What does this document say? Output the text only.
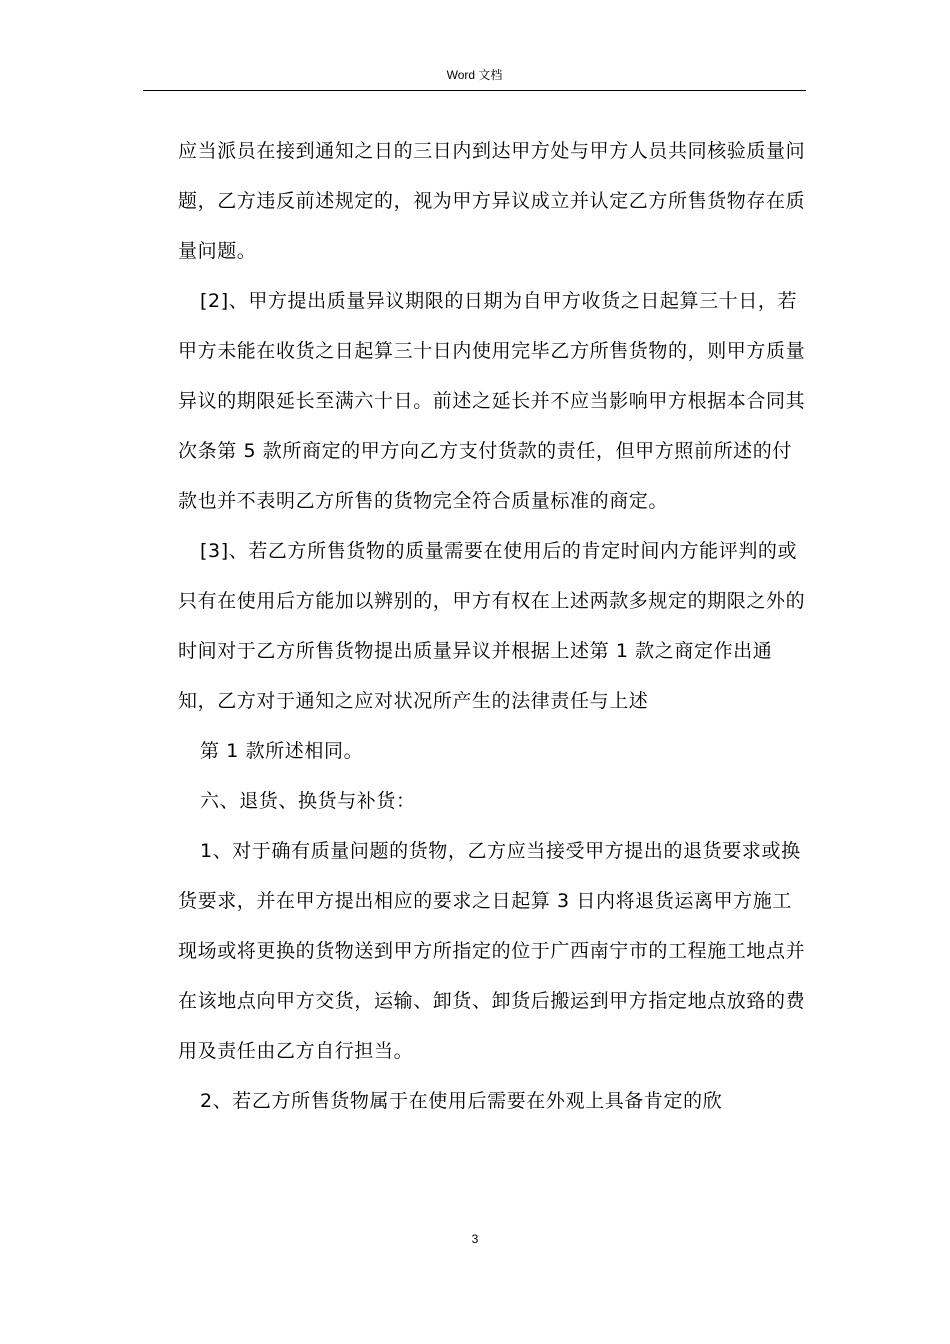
Word 文档

应当派员在接到通知之日的三日内到达甲方处与甲方人员共同核验质量问题，乙方违反前述规定的，视为甲方异议成立并认定乙方所售货物存在质量问题。

[2]、甲方提出质量异议期限的日期为自甲方收货之日起算三十日，若甲方未能在收货之日起算三十日内使用完毕乙方所售货物的，则甲方质量异议的期限延长至满六十日。前述之延长并不应当影响甲方根据本合同其次条第 5 款所商定的甲方向乙方支付货款的责任，但甲方照前所述的付款也并不表明乙方所售的货物完全符合质量标准的商定。

[3]、若乙方所售货物的质量需要在使用后的肯定时间内方能评判的或只有在使用后方能加以辨别的，甲方有权在上述两款多规定的期限之外的时间对于乙方所售货物提出质量异议并根据上述第 1 款之商定作出通知，乙方对于通知之应对状况所产生的法律责任与上述

第 1 款所述相同。

六、退货、换货与补货：

1、对于确有质量问题的货物，乙方应当接受甲方提出的退货要求或换货要求，并在甲方提出相应的要求之日起算 3 日内将退货运离甲方施工现场或将更换的货物送到甲方所指定的位于广西南宁市的工程施工地点并在该地点向甲方交货，运输、卸货、卸货后搬运到甲方指定地点放臵的费用及责任由乙方自行担当。

2、若乙方所售货物属于在使用后需要在外观上具备肯定的欣

3
